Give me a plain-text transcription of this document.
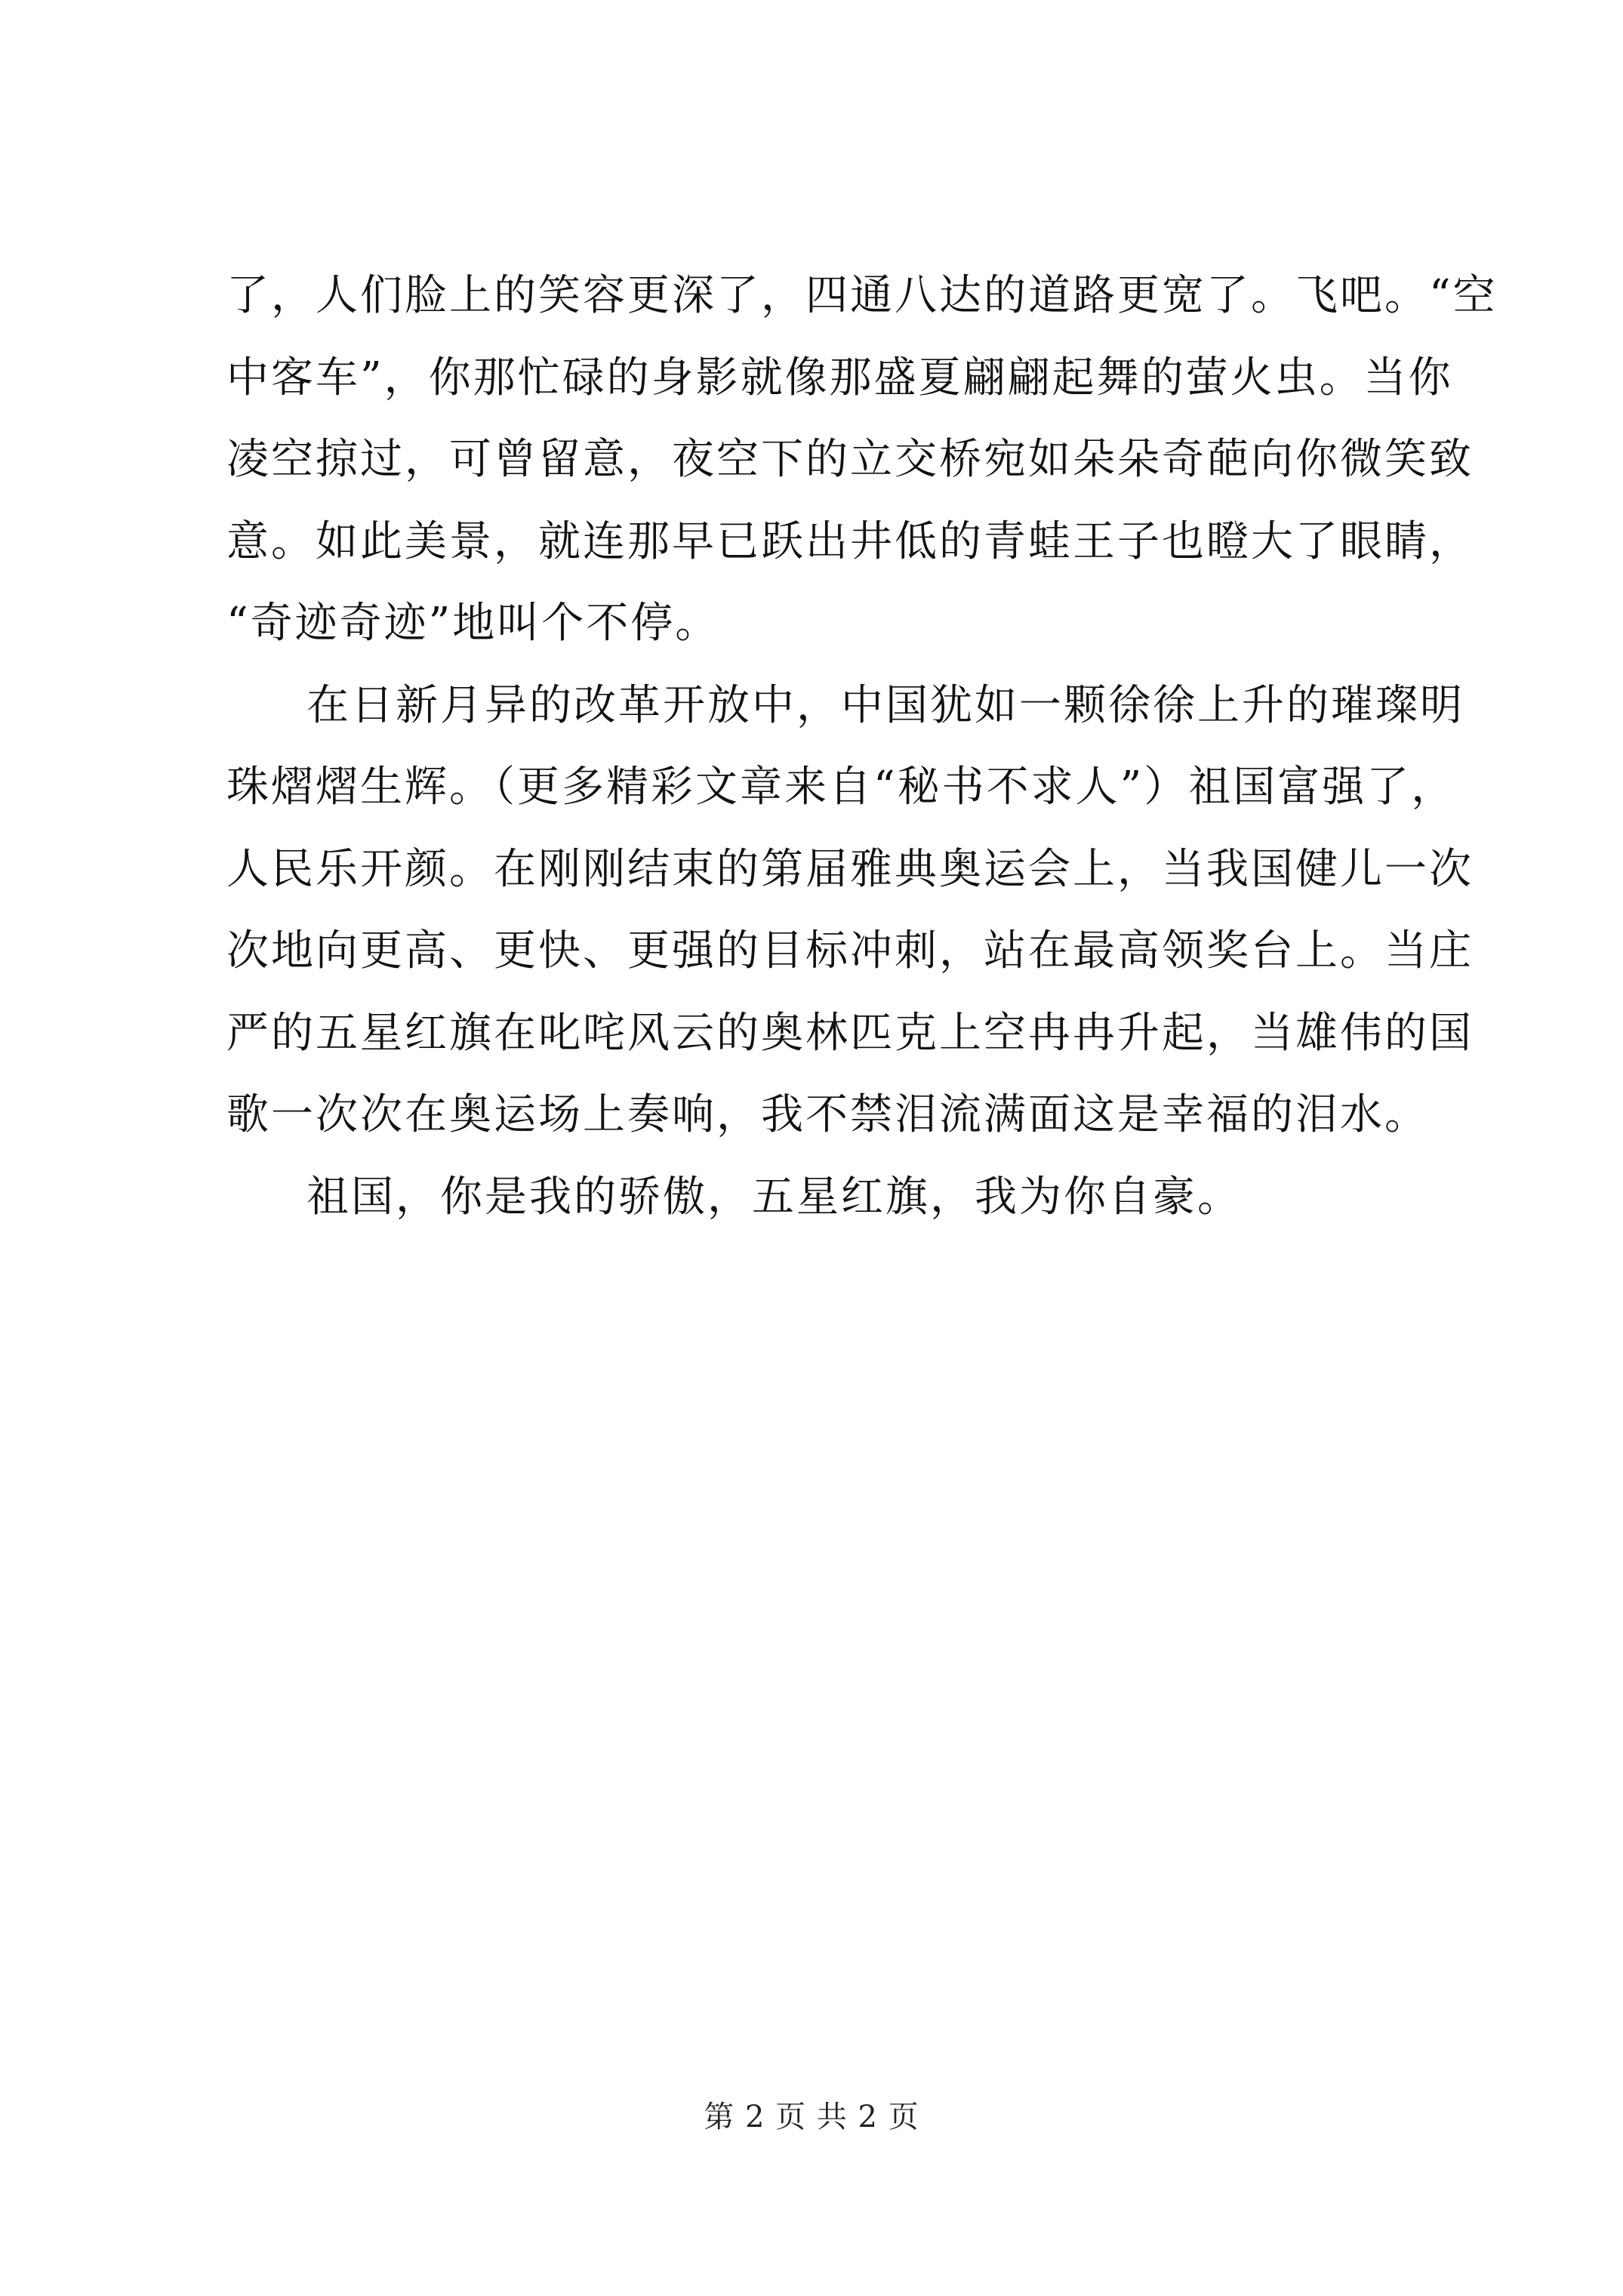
了，人们脸上的笑容更深了，四通八达的道路更宽了。飞吧。“空
中客车”，你那忙碌的身影就像那盛夏翩翩起舞的萤火虫。当你
凌空掠过，可曾留意，夜空下的立交桥宛如朵朵奇葩向你微笑致
意。如此美景，就连那早已跃出井低的青蛙王子也瞪大了眼睛，
“奇迹奇迹”地叫个不停。
在日新月异的改革开放中，中国犹如一颗徐徐上升的璀璨明
珠熠熠生辉。（更多精彩文章来自“秘书不求人”）祖国富强了，
人民乐开颜。在刚刚结束的第届雅典奥运会上，当我国健儿一次
次地向更高、更快、更强的目标冲刺，站在最高领奖台上。当庄
严的五星红旗在叱咤风云的奥林匹克上空冉冉升起，当雄伟的国
歌一次次在奥运场上奏响，我不禁泪流满面这是幸福的泪水。
祖国，你是我的骄傲，五星红旗，我为你自豪。
第 2 页 共 2 页
